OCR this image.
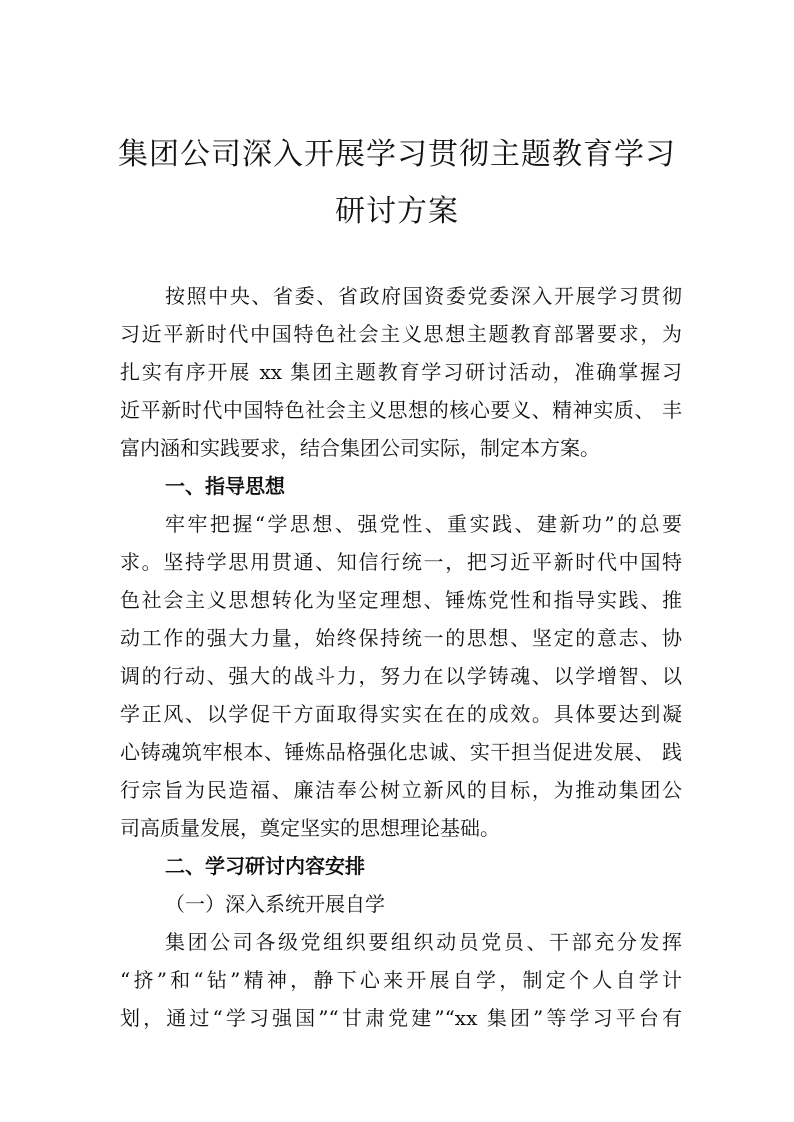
集团公司深入开展学习贯彻主题教育学习
研讨方案
按照中央、省委、省政府国资委党委深入开展学习贯彻
习近平新时代中国特色社会主义思想主题教育部署要求，为
扎实有序开展 xx 集团主题教育学习研讨活动，准确掌握习
近平新时代中国特色社会主义思想的核心要义、精神实质、 丰
富内涵和实践要求，结合集团公司实际，制定本方案。
一、指导思想
牢牢把握“学思想、强党性、重实践、建新功”的总要
求。坚持学思用贯通、知信行统一，把习近平新时代中国特
色社会主义思想转化为坚定理想、锤炼党性和指导实践、推
动工作的强大力量，始终保持统一的思想、坚定的意志、协
调的行动、强大的战斗力，努力在以学铸魂、以学增智、以
学正风、以学促干方面取得实实在在的成效。具体要达到凝
心铸魂筑牢根本、锤炼品格强化忠诚、实干担当促进发展、 践
行宗旨为民造福、廉洁奉公树立新风的目标，为推动集团公
司高质量发展，奠定坚实的思想理论基础。
二、学习研讨内容安排
（一）深入系统开展自学
集团公司各级党组织要组织动员党员、干部充分发挥
“挤”和“钻”精神，静下心来开展自学，制定个人自学计
划，通过“学习强国”“甘肃党建”“xx 集团”等学习平台有
